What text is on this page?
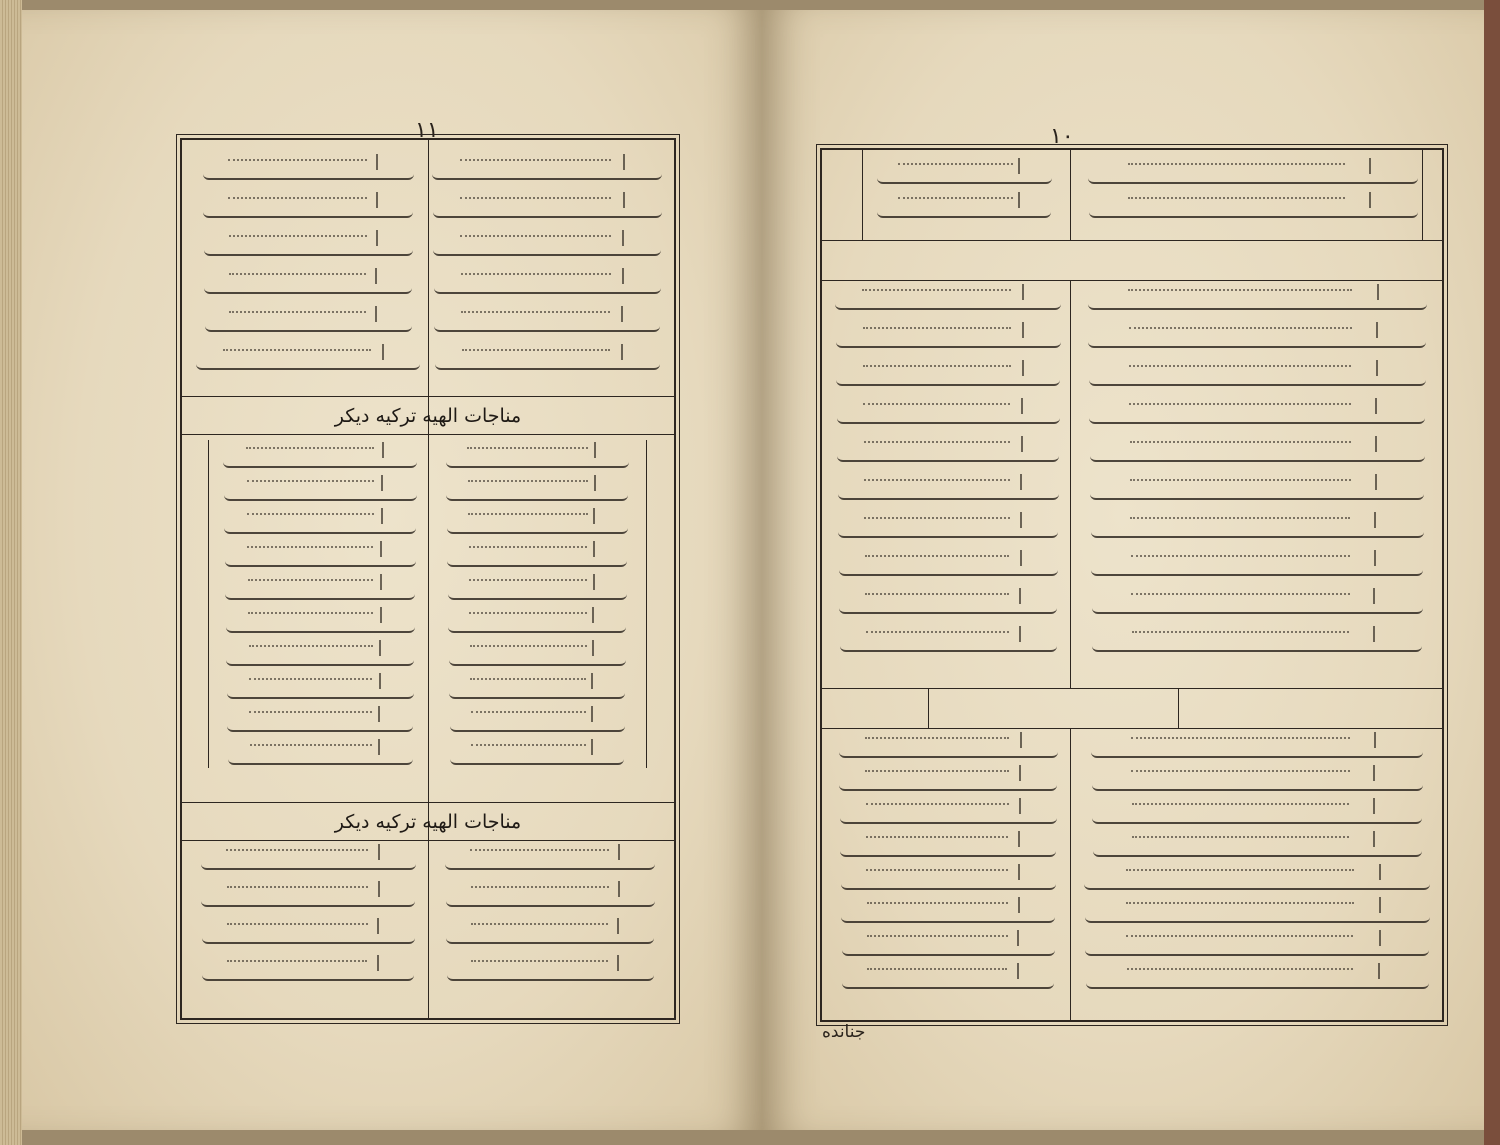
١١
مناجات الهيه تركيه ديكر
مناجات الهيه تركيه ديكر
١٠
جنانده
